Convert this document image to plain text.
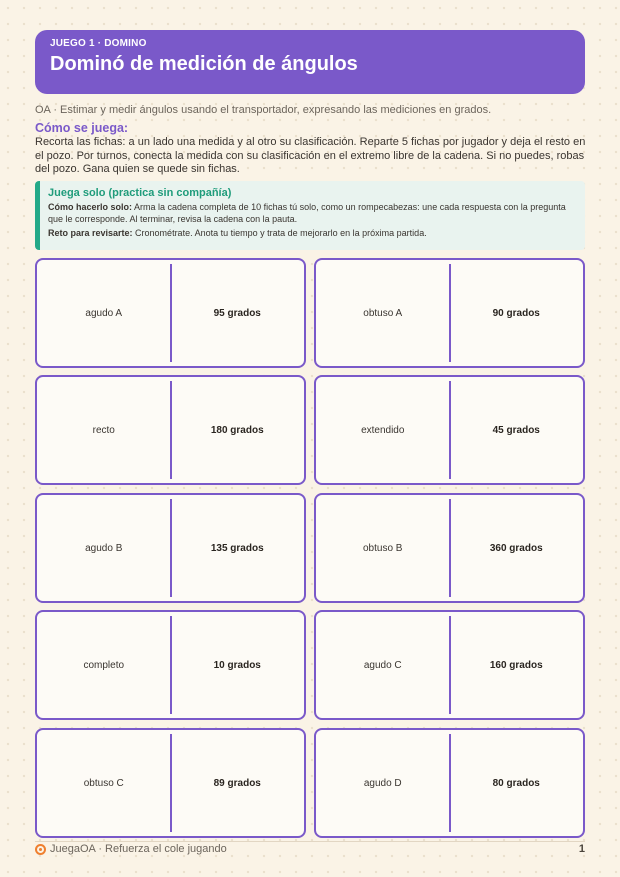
JUEGO 1 · DOMINO
Dominó de medición de ángulos
OA · Estimar y medir ángulos usando el transportador, expresando las mediciones en grados.
Cómo se juega:
Recorta las fichas: a un lado una medida y al otro su clasificación. Reparte 5 fichas por jugador y deja el resto en el pozo. Por turnos, conecta la medida con su clasificación en el extremo libre de la cadena. Si no puedes, robas del pozo. Gana quien se quede sin fichas.
Juega solo (practica sin compañía)
Cómo hacerlo solo: Arma la cadena completa de 10 fichas tú solo, como un rompecabezas: une cada respuesta con la pregunta que le corresponde. Al terminar, revisa la cadena con la pauta.
Reto para revisarte: Cronométrate. Anota tu tiempo y trata de mejorarlo en la próxima partida.
agudo A	95 grados	obtuso A	90 grados
recto	180 grados	extendido	45 grados
agudo B	135 grados	obtuso B	360 grados
completo	10 grados	agudo C	160 grados
obtuso C	89 grados	agudo D	80 grados
JuegaOA · Refuerza el cole jugando	1
